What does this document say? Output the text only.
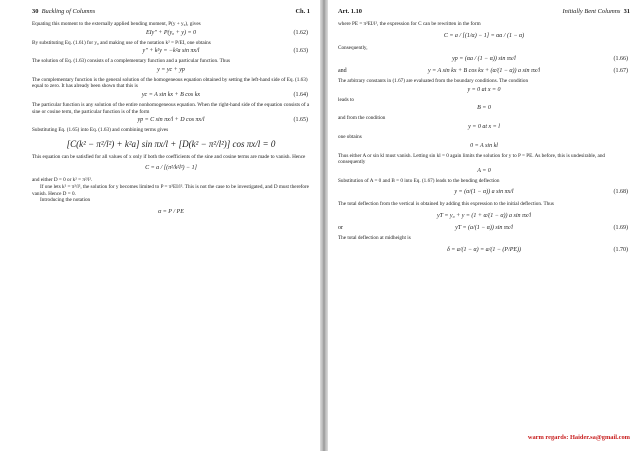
30 Buckling of Columns	Ch. 1

Equating this moment to the externally applied bending moment, P(y + y₀), gives

EIy″ + P(y₀ + y) = 0	(1.62)

By substituting Eq. (1.61) for y₀ and making use of the notation k² = P/EI, one obtains

y″ + k²y = −k²a sin πx/l	(1.63)

The solution of Eq. (1.63) consists of a complementary function and a particular function. Thus

y = yc + yp

The complementary function is the general solution of the homogeneous equation obtained by setting the left-hand side of Eq. (1.63) equal to zero. It has already been shown that this is

yc = A sin kx + B cos kx	(1.64)

The particular function is any solution of the entire nonhomogeneous equation. When the right-hand side of the equation consists of a sine or cosine term, the particular function is of the form

yp = C sin πx/l + D cos πx/l	(1.65)

Substituting Eq. (1.65) into Eq. (1.63) and combining terms gives

[C(k² − π²/l²) + k²a] sin πx/l + [D(k² − π²/l²)] cos πx/l = 0

This equation can be satisfied for all values of x only if both the coefficients of the sine and cosine terms are made to vanish. Hence

C = a / [(π²/k²l²) − 1]

and either D = 0 or k² = π²/l².

If one lets k² = π²/l², the solution for y becomes limited to P = π²EI/l². This is not the case to be investigated, and D must therefore vanish. Hence D = 0.

Introducing the notation

α = P / PE
Art. 1.10	Initially Bent Columns 31

where PE = π²EI/l², the expression for C can be rewritten in the form

C = a / [(1/α) − 1] = αa / (1 − α)

Consequently,

yp = (αa / (1 − α)) sin πx/l	(1.66)
and	y = A sin kx + B cos kx + (α/(1 − α)) a sin πx/l	(1.67)

The arbitrary constants in (1.67) are evaluated from the boundary conditions. The condition

y = 0 at x = 0

leads to

B = 0

and from the condition

y = 0 at x = l

one obtains

0 = A sin kl

Thus either A or sin kl must vanish. Letting sin kl = 0 again limits the solution for y to P = PE. As before, this is undesirable, and consequently

A = 0

Substitution of A = 0 and B = 0 into Eq. (1.67) leads to the bending deflection

y = (α/(1 − α)) a sin πx/l	(1.68)

The total deflection from the vertical is obtained by adding this expression to the initial deflection. Thus

yT = y₀ + y = (1 + α/(1 − α)) a sin πx/l
or	yT = (a/(1 − α)) sin πx/l	(1.69)

The total deflection at midheight is

δ = a/(1 − α) = a/(1 − (P/PE))	(1.70)
warm regards: Haider.sa@gmail.com
